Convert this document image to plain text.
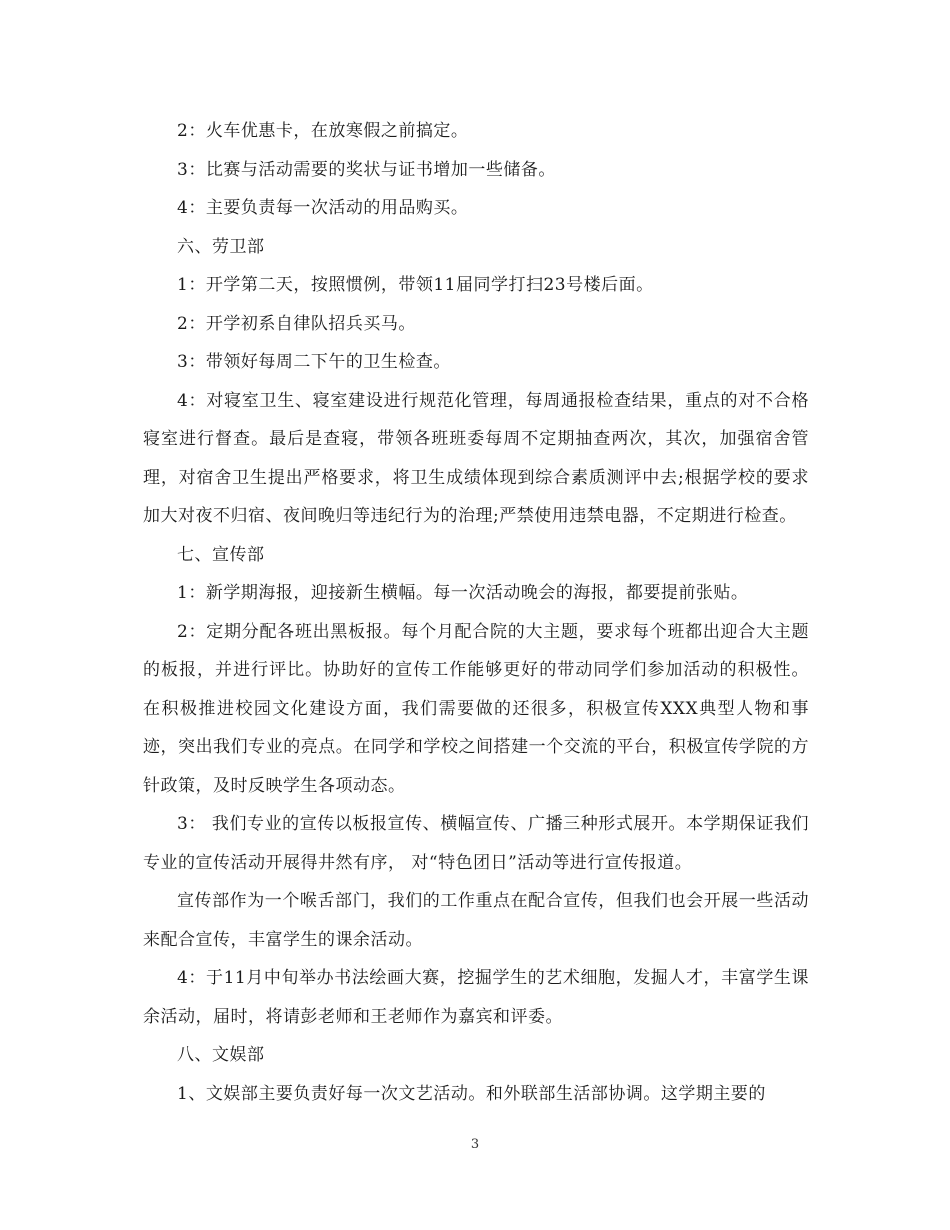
2：火车优惠卡，在放寒假之前搞定。

3：比赛与活动需要的奖状与证书增加一些储备。

4：主要负责每一次活动的用品购买。

六、劳卫部

1：开学第二天，按照惯例，带领11届同学打扫23号楼后面。

2：开学初系自律队招兵买马。

3：带领好每周二下午的卫生检查。

4：对寝室卫生、寝室建设进行规范化管理，每周通报检查结果，重点的对不合格寝室进行督查。最后是查寝，带领各班班委每周不定期抽查两次，其次，加强宿舍管理，对宿舍卫生提出严格要求，将卫生成绩体现到综合素质测评中去;根据学校的要求加大对夜不归宿、夜间晚归等违纪行为的治理;严禁使用违禁电器，不定期进行检查。

七、宣传部

1：新学期海报，迎接新生横幅。每一次活动晚会的海报，都要提前张贴。

2：定期分配各班出黑板报。每个月配合院的大主题，要求每个班都出迎合大主题的板报，并进行评比。协助好的宣传工作能够更好的带动同学们参加活动的积极性。 在积极推进校园文化建设方面，我们需要做的还很多，积极宣传XXX典型人物和事迹，突出我们专业的亮点。在同学和学校之间搭建一个交流的平台，积极宣传学院的方针政策，及时反映学生各项动态。

3： 我们专业的宣传以板报宣传、横幅宣传、广播三种形式展开。本学期保证我们专业的宣传活动开展得井然有序， 对“特色团日”活动等进行宣传报道。

宣传部作为一个喉舌部门，我们的工作重点在配合宣传，但我们也会开展一些活动来配合宣传，丰富学生的课余活动。

4：于11月中旬举办书法绘画大赛，挖掘学生的艺术细胞，发掘人才，丰富学生课余活动，届时，将请彭老师和王老师作为嘉宾和评委。

八、文娱部

1、文娱部主要负责好每一次文艺活动。和外联部生活部协调。这学期主要的

3
